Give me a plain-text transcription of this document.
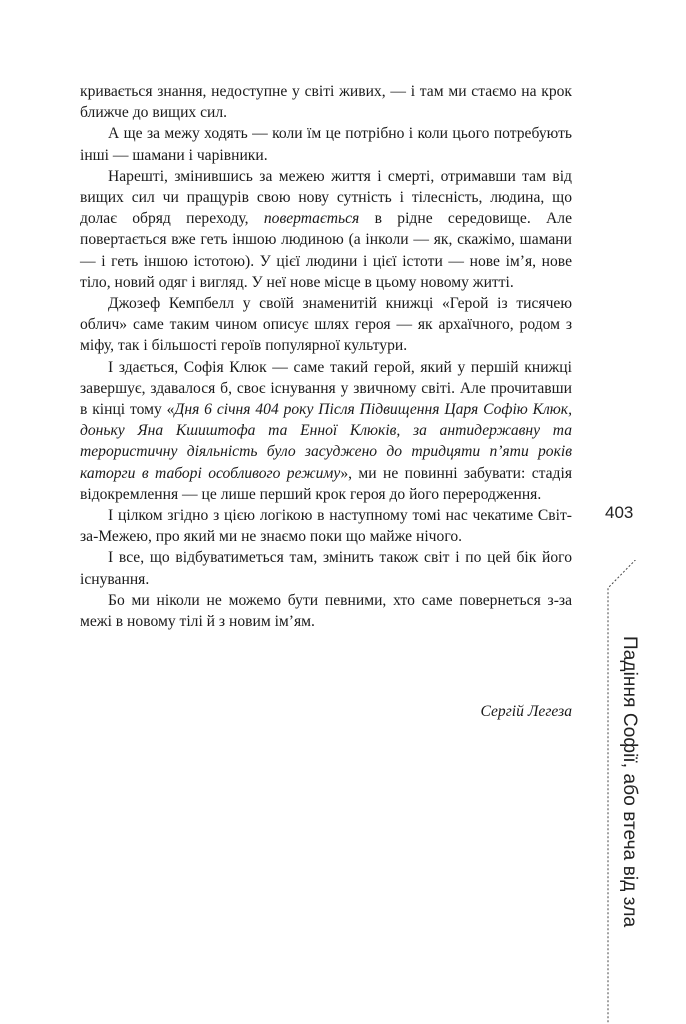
кривається знання, недоступне у світі живих, — і там ми стаємо на крок ближче до вищих сил.

А ще за межу ходять — коли їм це потрібно і коли цього потребують інші — шамани і чарівники.

Нарешті, змінившись за межею життя і смерті, отримавши там від вищих сил чи пращурів свою нову сутність і тілесність, людина, що долає обряд переходу, повертається в рідне середовище. Але повертається вже геть іншою людиною (а інколи — як, скажімо, шамани — і геть іншою істотою). У цієї людини і цієї істоти — нове ім’я, нове тіло, новий одяг і вигляд. У неї нове місце в цьому новому житті.

Джозеф Кемпбелл у своїй знаменитій книжці «Герой із тисячею облич» саме таким чином описує шлях героя — як архаїчного, родом з міфу, так і більшості героїв популярної культури.

І здається, Софія Клюк — саме такий герой, який у першій книжці завершує, здавалося б, своє існування у звичному світі. Але прочитавши в кінці тому «Дня 6 січня 404 року Після Підвищення Царя Софію Клюк, доньку Яна Кшиштофа та Енної Клюків, за антидержавну та терористичну діяльність було засуджено до тридцяти п’яти років каторги в таборі особливого режиму», ми не повинні забувати: стадія відокремлення — це лише перший крок героя до його переродження.

І цілком згідно з цією логікою в наступному томі нас чекатиме Світ-за-Межею, про який ми не знаємо поки що майже нічого.

І все, що відбуватиметься там, змінить також світ і по цей бік його існування.

Бо ми ніколи не можемо бути певними, хто саме повернеться з-за межі в новому тілі й з новим ім’ям.

Сергій Легеза
403
Падіння Софії, або втеча від зла
